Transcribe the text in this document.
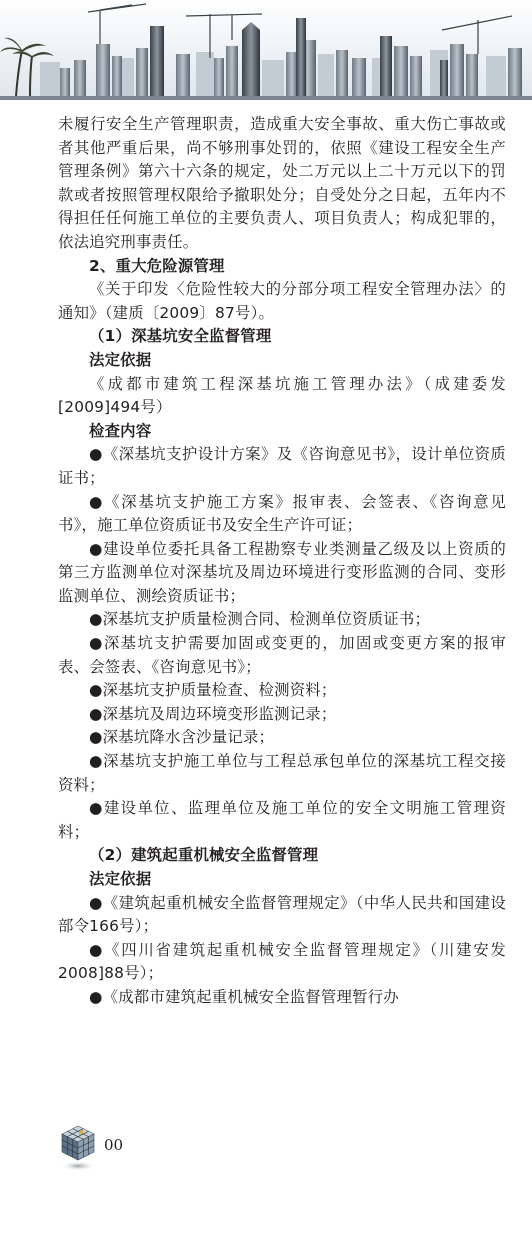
未履行安全生产管理职责，造成重大安全事故、重大伤亡事故或者其他严重后果，尚不够刑事处罚的，依照《建设工程安全生产管理条例》第六十六条的规定，处二万元以上二十万元以下的罚款或者按照管理权限给予撤职处分；自受处分之日起，五年内不得担任任何施工单位的主要负责人、项目负责人；构成犯罪的，依法追究刑事责任。

2、重大危险源管理

《关于印发〈危险性较大的分部分项工程安全管理办法〉的通知》（建质〔2009〕87号）。

（1）深基坑安全监督管理

法定依据

《成都市建筑工程深基坑施工管理办法》（成建委发[2009]494号）

检查内容

●《深基坑支护设计方案》及《咨询意见书》，设计单位资质证书；

●《深基坑支护施工方案》报审表、会签表、《咨询意见书》，施工单位资质证书及安全生产许可证；

●建设单位委托具备工程勘察专业类测量乙级及以上资质的第三方监测单位对深基坑及周边环境进行变形监测的合同、变形监测单位、测绘资质证书；

●深基坑支护质量检测合同、检测单位资质证书；

●深基坑支护需要加固或变更的，加固或变更方案的报审表、会签表、《咨询意见书》；

●深基坑支护质量检查、检测资料；

●深基坑及周边环境变形监测记录；

●深基坑降水含沙量记录；

●深基坑支护施工单位与工程总承包单位的深基坑工程交接资料；

●建设单位、监理单位及施工单位的安全文明施工管理资料；

（2）建筑起重机械安全监督管理

法定依据

●《建筑起重机械安全监督管理规定》（中华人民共和国建设部令166号）；

●《四川省建筑起重机械安全监督管理规定》（川建安发2008]88号）；

●《成都市建筑起重机械安全监督管理暂行办

00
